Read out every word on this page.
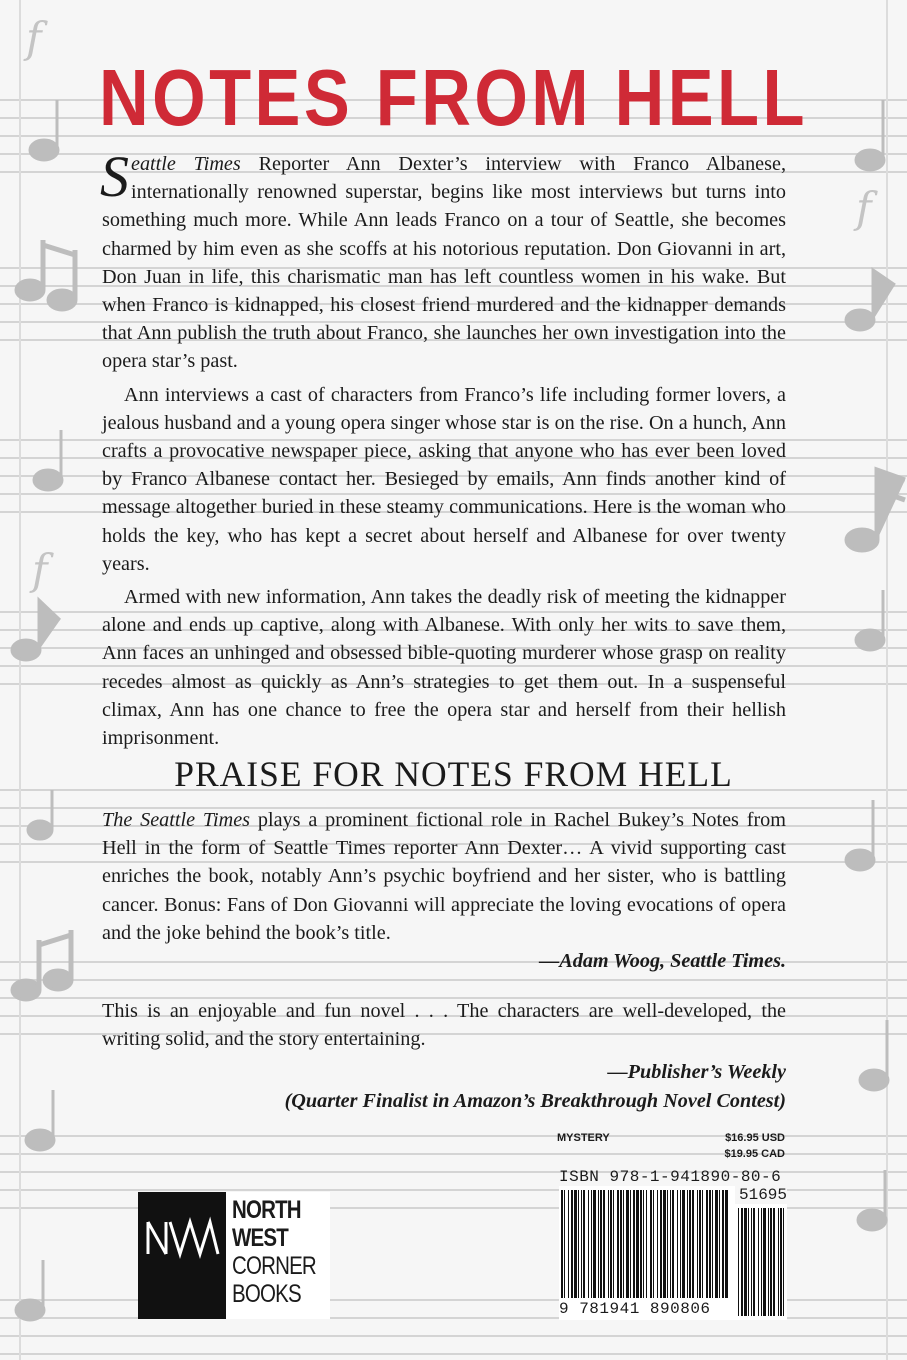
f
f
f
NOTES FROM HELL

Seattle Times Reporter Ann Dexter’s interview with Franco Albanese, internationally renowned superstar, begins like most interviews but turns into something much more. While Ann leads Franco on a tour of Seattle, she becomes charmed by him even as she scoffs at his notorious reputation. Don Giovanni in art, Don Juan in life, this charismatic man has left countless women in his wake. But when Franco is kidnapped, his closest friend murdered and the kidnapper demands that Ann publish the truth about Franco, she launches her own investigation into the opera star’s past.

Ann interviews a cast of characters from Franco’s life including former lovers, a jealous husband and a young opera singer whose star is on the rise. On a hunch, Ann crafts a provocative newspaper piece, asking that anyone who has ever been loved by Franco Albanese contact her. Besieged by emails, Ann finds another kind of message altogether buried in these steamy communications. Here is the woman who holds the key, who has kept a secret about herself and Albanese for over twenty years.

Armed with new information, Ann takes the deadly risk of meeting the kidnapper alone and ends up captive, along with Albanese. With only her wits to save them, Ann faces an unhinged and obsessed bible-quoting murderer whose grasp on reality recedes almost as quickly as Ann’s strategies to get them out. In a suspenseful climax, Ann has one chance to free the opera star and herself from their hellish imprisonment.

PRAISE FOR NOTES FROM HELL

The Seattle Times plays a prominent fictional role in Rachel Bukey’s Notes from Hell in the form of Seattle Times reporter Ann Dexter… A vivid supporting cast enriches the book, notably Ann’s psychic boyfriend and her sister, who is battling cancer. Bonus: Fans of Don Giovanni will appreciate the loving evocations of opera and the joke behind the book’s title.

—Adam Woog, Seattle Times.

This is an enjoyable and fun novel . . . The characters are well-developed, the writing solid, and the story entertaining.

—Publisher’s Weekly

(Quarter Finalist in Amazon’s Breakthrough Novel Contest)

NORTH
WEST
CORNER
BOOKS
MYSTERY	$16.95 USD
$19.95 CAD
ISBN 978-1-941890-80-6
51695
9 781941 890806
